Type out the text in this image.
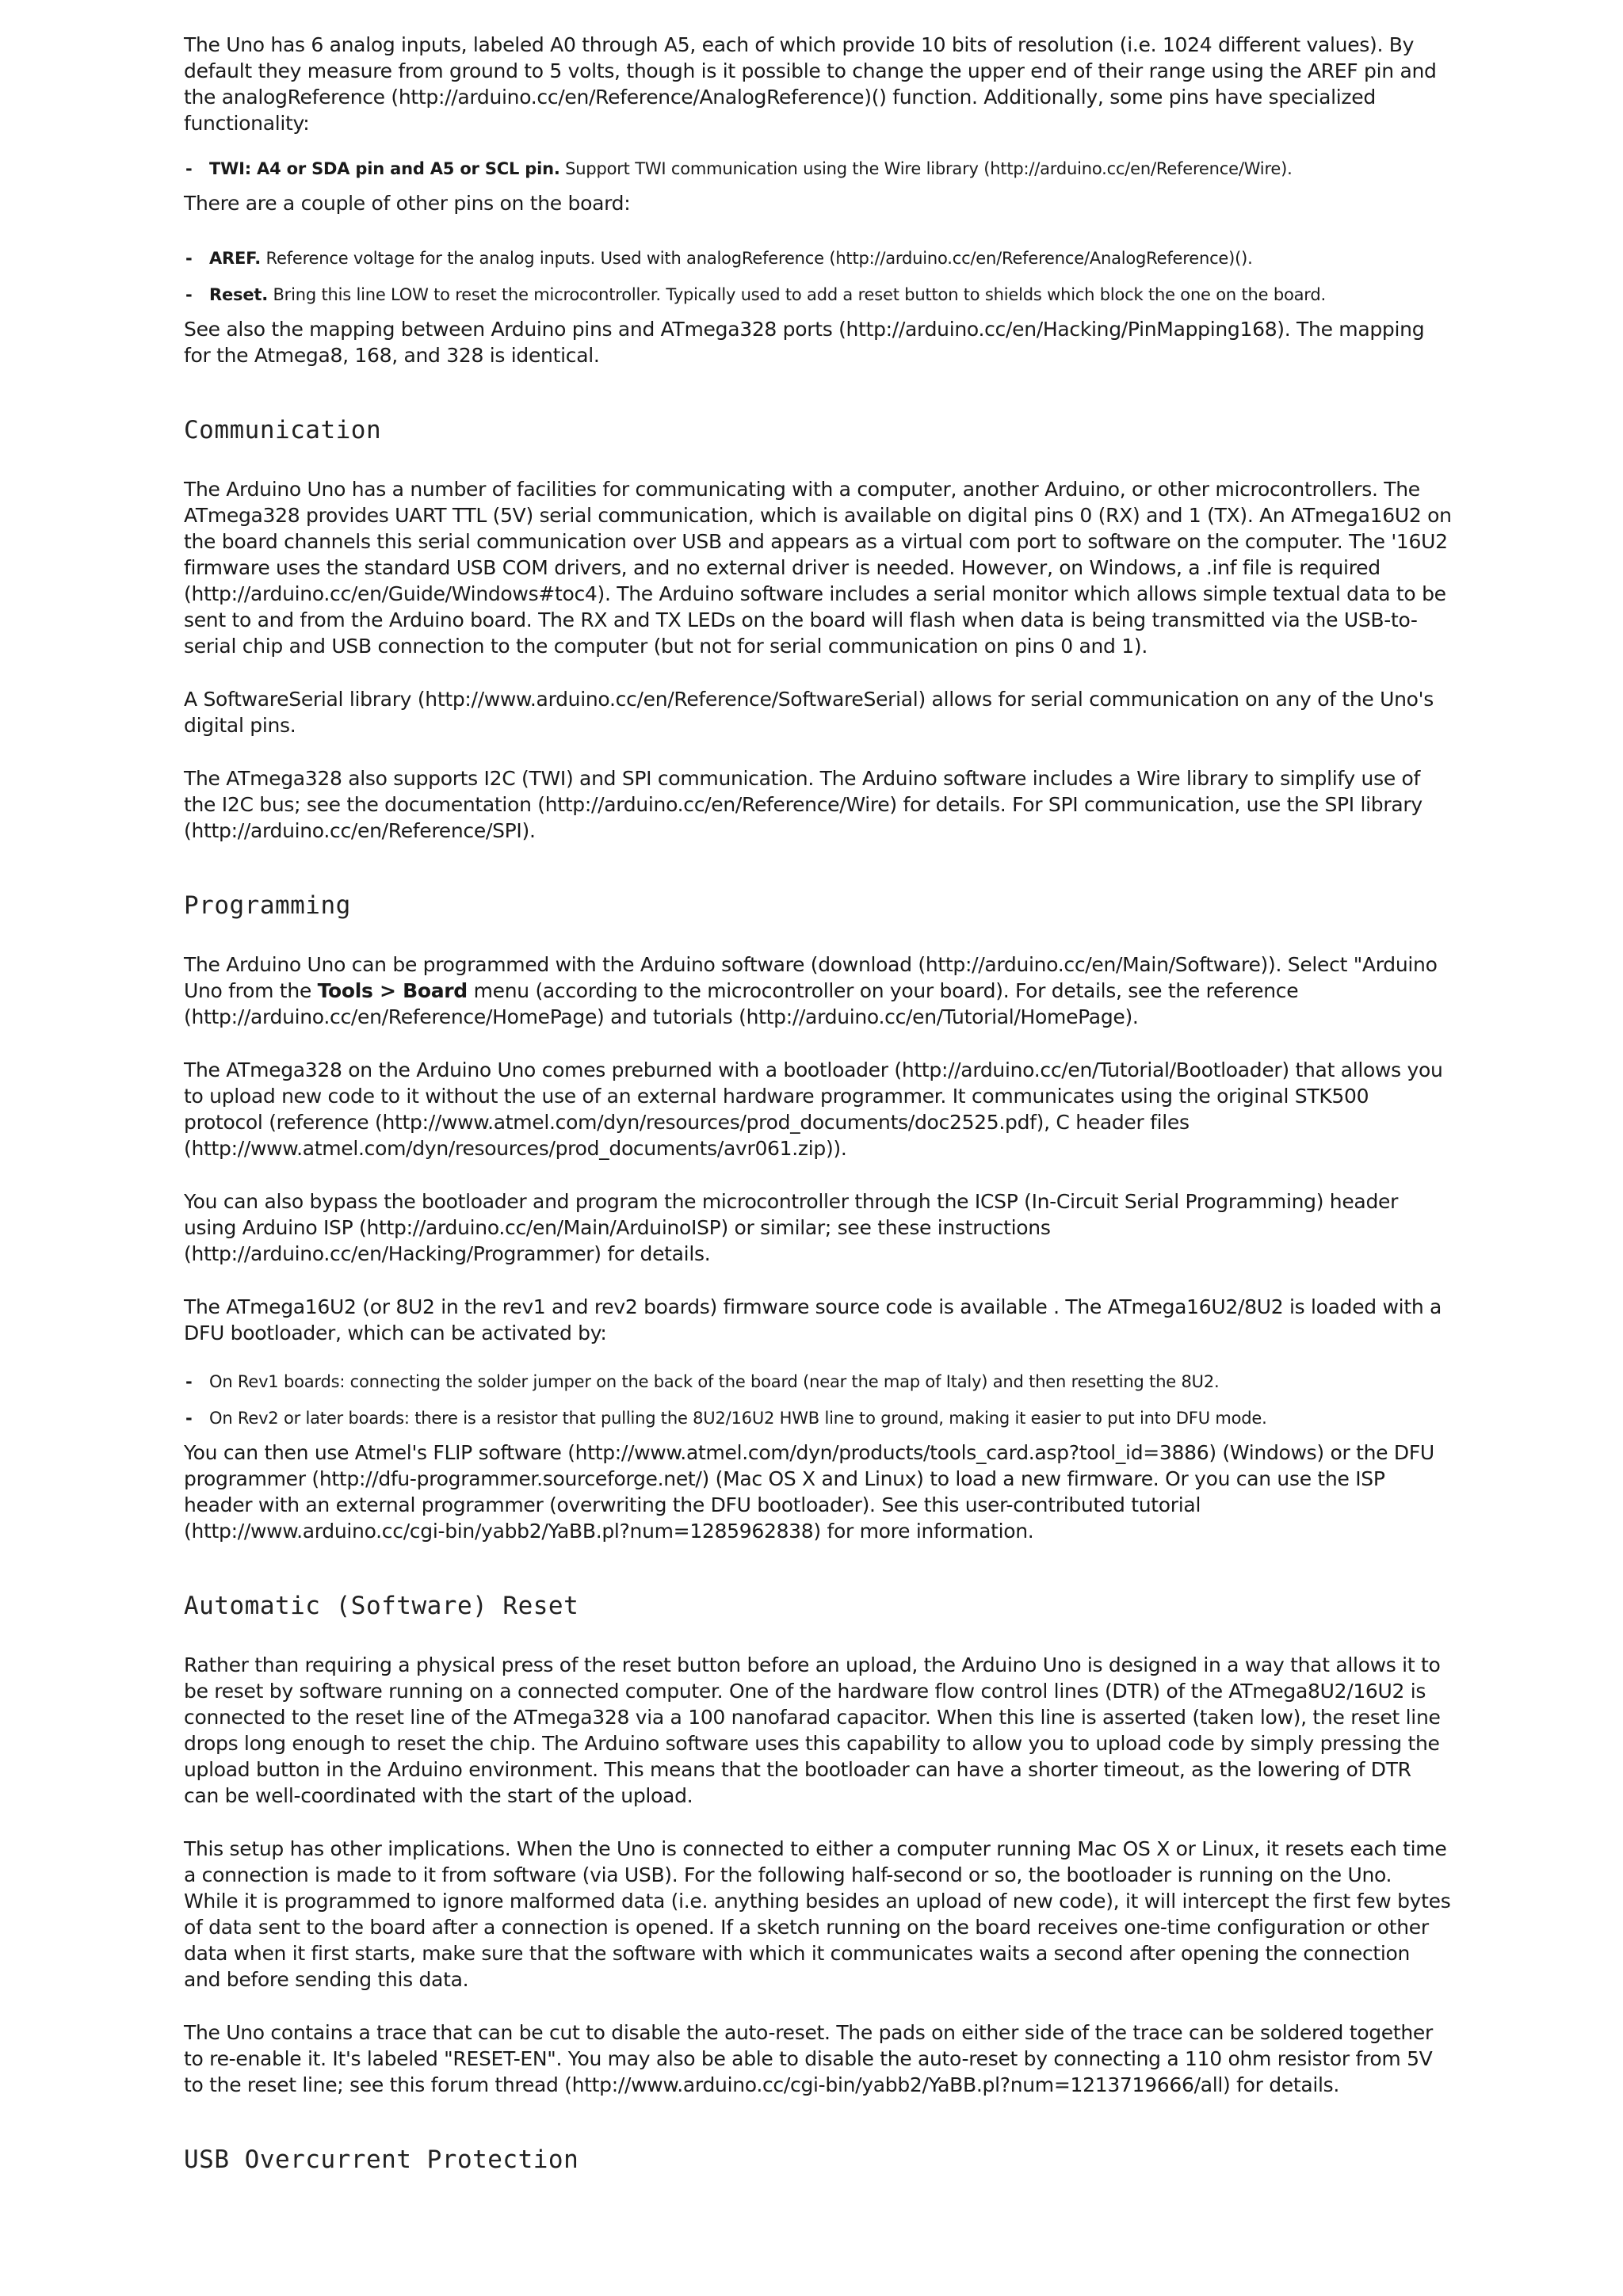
The Uno has 6 analog inputs, labeled A0 through A5, each of which provide 10 bits of resolution (i.e. 1024 different values). By default they measure from ground to 5 volts, though is it possible to change the upper end of their range using the AREF pin and the analogReference (http://arduino.cc/en/Reference/AnalogReference)() function. Additionally, some pins have specialized functionality:

- TWI: A4 or SDA pin and A5 or SCL pin. Support TWI communication using the Wire library (http://arduino.cc/en/Reference/Wire).

There are a couple of other pins on the board:

- AREF. Reference voltage for the analog inputs. Used with analogReference (http://arduino.cc/en/Reference/AnalogReference)().
- Reset. Bring this line LOW to reset the microcontroller. Typically used to add a reset button to shields which block the one on the board.

See also the mapping between Arduino pins and ATmega328 ports (http://arduino.cc/en/Hacking/PinMapping168). The mapping for the Atmega8, 168, and 328 is identical.

Communication

The Arduino Uno has a number of facilities for communicating with a computer, another Arduino, or other microcontrollers. The ATmega328 provides UART TTL (5V) serial communication, which is available on digital pins 0 (RX) and 1 (TX). An ATmega16U2 on the board channels this serial communication over USB and appears as a virtual com port to software on the computer. The '16U2 firmware uses the standard USB COM drivers, and no external driver is needed. However, on Windows, a .inf file is required (http://arduino.cc/en/Guide/Windows#toc4). The Arduino software includes a serial monitor which allows simple textual data to be sent to and from the Arduino board. The RX and TX LEDs on the board will flash when data is being transmitted via the USB-to-serial chip and USB connection to the computer (but not for serial communication on pins 0 and 1).

A SoftwareSerial library (http://www.arduino.cc/en/Reference/SoftwareSerial) allows for serial communication on any of the Uno's digital pins.

The ATmega328 also supports I2C (TWI) and SPI communication. The Arduino software includes a Wire library to simplify use of the I2C bus; see the documentation (http://arduino.cc/en/Reference/Wire) for details. For SPI communication, use the SPI library (http://arduino.cc/en/Reference/SPI).

Programming

The Arduino Uno can be programmed with the Arduino software (download (http://arduino.cc/en/Main/Software)). Select "Arduino Uno from the Tools > Board menu (according to the microcontroller on your board). For details, see the reference (http://arduino.cc/en/Reference/HomePage) and tutorials (http://arduino.cc/en/Tutorial/HomePage).

The ATmega328 on the Arduino Uno comes preburned with a bootloader (http://arduino.cc/en/Tutorial/Bootloader) that allows you to upload new code to it without the use of an external hardware programmer. It communicates using the original STK500 protocol (reference (http://www.atmel.com/dyn/resources/prod_documents/doc2525.pdf), C header files (http://www.atmel.com/dyn/resources/prod_documents/avr061.zip)).

You can also bypass the bootloader and program the microcontroller through the ICSP (In-Circuit Serial Programming) header using Arduino ISP (http://arduino.cc/en/Main/ArduinoISP) or similar; see these instructions (http://arduino.cc/en/Hacking/Programmer) for details.

The ATmega16U2 (or 8U2 in the rev1 and rev2 boards) firmware source code is available . The ATmega16U2/8U2 is loaded with a DFU bootloader, which can be activated by:

- On Rev1 boards: connecting the solder jumper on the back of the board (near the map of Italy) and then resetting the 8U2.
- On Rev2 or later boards: there is a resistor that pulling the 8U2/16U2 HWB line to ground, making it easier to put into DFU mode.

You can then use Atmel's FLIP software (http://www.atmel.com/dyn/products/tools_card.asp?tool_id=3886) (Windows) or the DFU programmer (http://dfu-programmer.sourceforge.net/) (Mac OS X and Linux) to load a new firmware. Or you can use the ISP header with an external programmer (overwriting the DFU bootloader). See this user-contributed tutorial (http://www.arduino.cc/cgi-bin/yabb2/YaBB.pl?num=1285962838) for more information.

Automatic (Software) Reset

Rather than requiring a physical press of the reset button before an upload, the Arduino Uno is designed in a way that allows it to be reset by software running on a connected computer. One of the hardware flow control lines (DTR) of the ATmega8U2/16U2 is connected to the reset line of the ATmega328 via a 100 nanofarad capacitor. When this line is asserted (taken low), the reset line drops long enough to reset the chip. The Arduino software uses this capability to allow you to upload code by simply pressing the upload button in the Arduino environment. This means that the bootloader can have a shorter timeout, as the lowering of DTR can be well-coordinated with the start of the upload.

This setup has other implications. When the Uno is connected to either a computer running Mac OS X or Linux, it resets each time a connection is made to it from software (via USB). For the following half-second or so, the bootloader is running on the Uno. While it is programmed to ignore malformed data (i.e. anything besides an upload of new code), it will intercept the first few bytes of data sent to the board after a connection is opened. If a sketch running on the board receives one-time configuration or other data when it first starts, make sure that the software with which it communicates waits a second after opening the connection and before sending this data.

The Uno contains a trace that can be cut to disable the auto-reset. The pads on either side of the trace can be soldered together to re-enable it. It's labeled "RESET-EN". You may also be able to disable the auto-reset by connecting a 110 ohm resistor from 5V to the reset line; see this forum thread (http://www.arduino.cc/cgi-bin/yabb2/YaBB.pl?num=1213719666/all) for details.

USB Overcurrent Protection
